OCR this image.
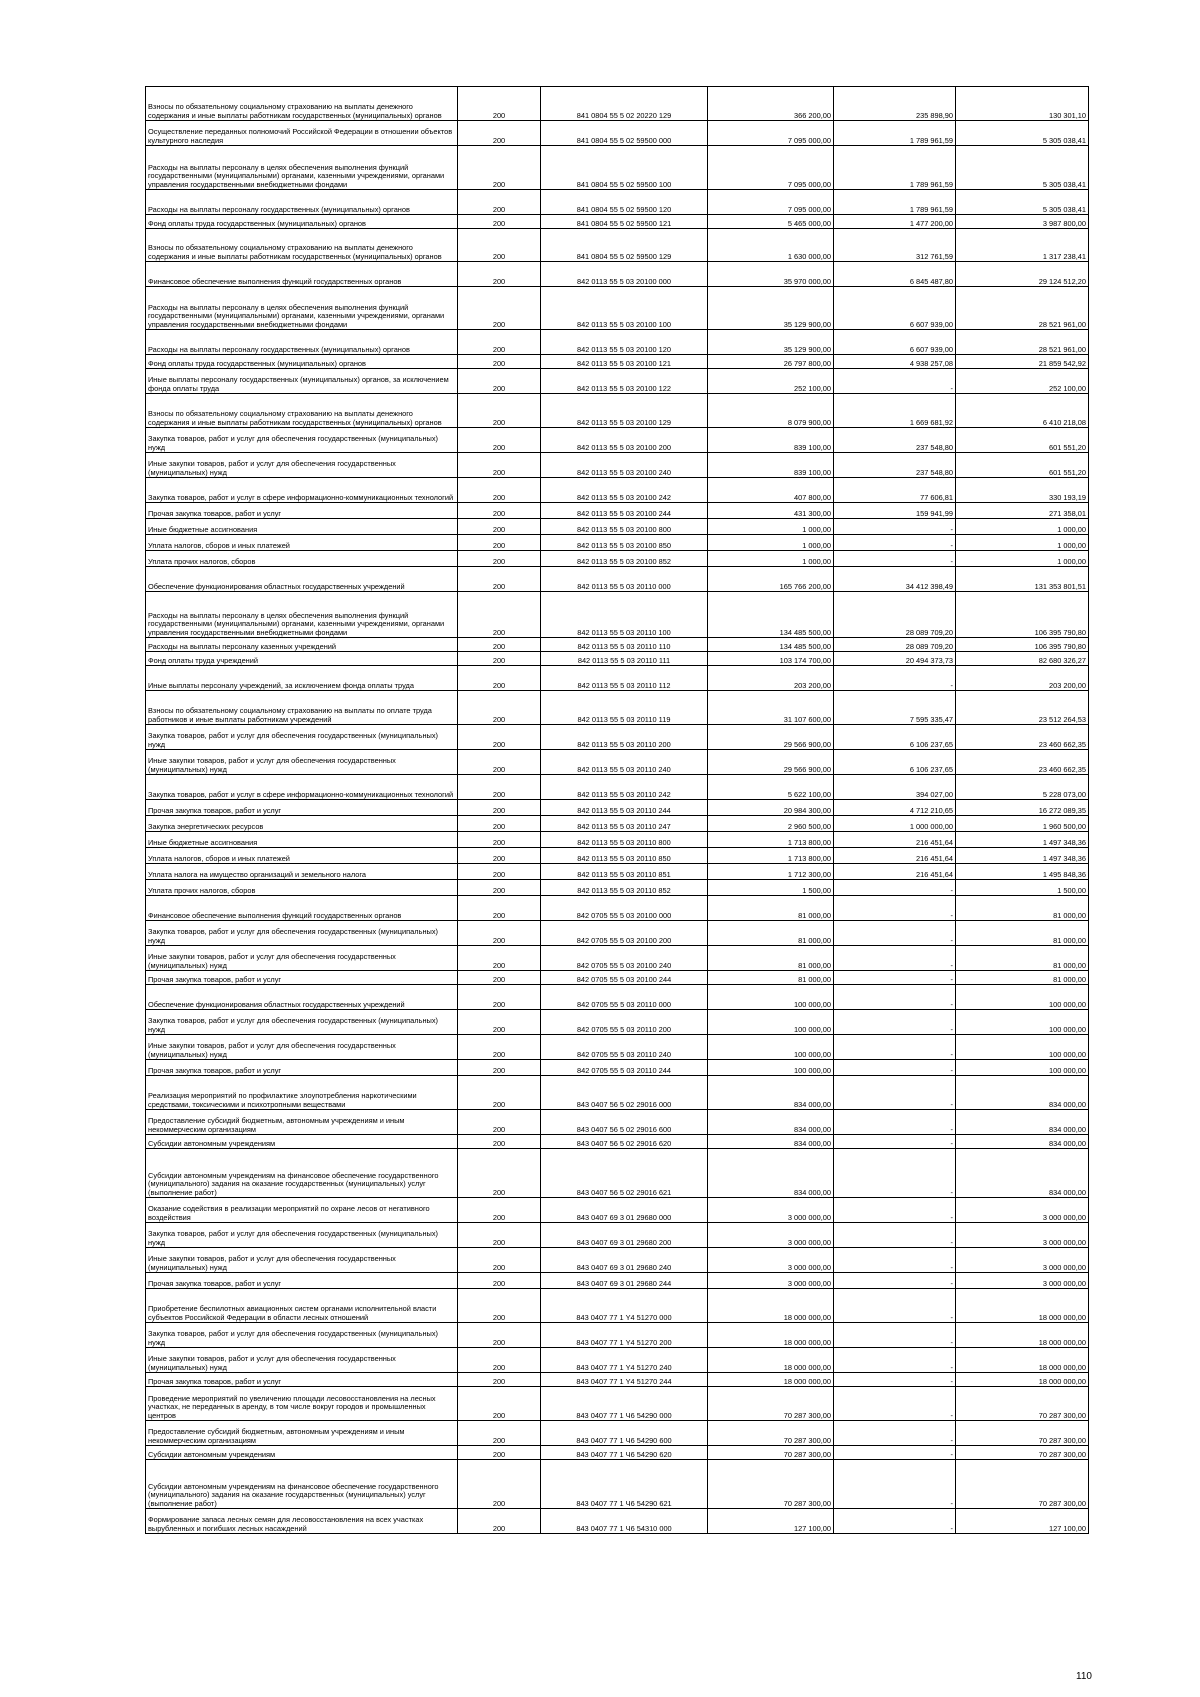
Взносы по обязательному социальному страхованию на выплаты денежного содержания и иные выплаты работникам государственных (муниципальных) органов	200	841 0804 55 5 02 20220 129	366 200,00	235 898,90	130 301,10
Осуществление переданных полномочий Российской Федерации в отношении объектов культурного наследия	200	841 0804 55 5 02 59500 000	7 095 000,00	1 789 961,59	5 305 038,41
Расходы на выплаты персоналу в целях обеспечения выполнения функций государственными (муниципальными) органами, казенными учреждениями, органами управления государственными внебюджетными фондами	200	841 0804 55 5 02 59500 100	7 095 000,00	1 789 961,59	5 305 038,41
Расходы на выплаты персоналу государственных (муниципальных) органов	200	841 0804 55 5 02 59500 120	7 095 000,00	1 789 961,59	5 305 038,41
Фонд оплаты труда государственных (муниципальных) органов	200	841 0804 55 5 02 59500 121	5 465 000,00	1 477 200,00	3 987 800,00
Взносы по обязательному социальному страхованию на выплаты денежного содержания и иные выплаты работникам государственных (муниципальных) органов	200	841 0804 55 5 02 59500 129	1 630 000,00	312 761,59	1 317 238,41
Финансовое обеспечение выполнения функций государственных органов	200	842 0113 55 5 03 20100 000	35 970 000,00	6 845 487,80	29 124 512,20
Расходы на выплаты персоналу в целях обеспечения выполнения функций государственными (муниципальными) органами, казенными учреждениями, органами управления государственными внебюджетными фондами	200	842 0113 55 5 03 20100 100	35 129 900,00	6 607 939,00	28 521 961,00
Расходы на выплаты персоналу государственных (муниципальных) органов	200	842 0113 55 5 03 20100 120	35 129 900,00	6 607 939,00	28 521 961,00
Фонд оплаты труда государственных (муниципальных) органов	200	842 0113 55 5 03 20100 121	26 797 800,00	4 938 257,08	21 859 542,92
Иные выплаты персоналу государственных (муниципальных) органов, за исключением фонда оплаты труда	200	842 0113 55 5 03 20100 122	252 100,00	-	252 100,00
Взносы по обязательному социальному страхованию на выплаты денежного содержания и иные выплаты работникам государственных (муниципальных) органов	200	842 0113 55 5 03 20100 129	8 079 900,00	1 669 681,92	6 410 218,08
Закупка товаров, работ и услуг для обеспечения государственных (муниципальных) нужд	200	842 0113 55 5 03 20100 200	839 100,00	237 548,80	601 551,20
Иные закупки товаров, работ и услуг для обеспечения государственных (муниципальных) нужд	200	842 0113 55 5 03 20100 240	839 100,00	237 548,80	601 551,20
Закупка товаров, работ и услуг в сфере информационно-коммуникационных технологий	200	842 0113 55 5 03 20100 242	407 800,00	77 606,81	330 193,19
Прочая закупка товаров, работ и услуг	200	842 0113 55 5 03 20100 244	431 300,00	159 941,99	271 358,01
Иные бюджетные ассигнования	200	842 0113 55 5 03 20100 800	1 000,00	-	1 000,00
Уплата налогов, сборов и иных платежей	200	842 0113 55 5 03 20100 850	1 000,00	-	1 000,00
Уплата прочих налогов, сборов	200	842 0113 55 5 03 20100 852	1 000,00	-	1 000,00
Обеспечение функционирования областных государственных учреждений	200	842 0113 55 5 03 20110 000	165 766 200,00	34 412 398,49	131 353 801,51
Расходы на выплаты персоналу в целях обеспечения выполнения функций государственными (муниципальными) органами, казенными учреждениями, органами управления государственными внебюджетными фондами	200	842 0113 55 5 03 20110 100	134 485 500,00	28 089 709,20	106 395 790,80
Расходы на выплаты персоналу казенных учреждений	200	842 0113 55 5 03 20110 110	134 485 500,00	28 089 709,20	106 395 790,80
Фонд оплаты труда учреждений	200	842 0113 55 5 03 20110 111	103 174 700,00	20 494 373,73	82 680 326,27
Иные выплаты персоналу учреждений, за исключением фонда оплаты труда	200	842 0113 55 5 03 20110 112	203 200,00	-	203 200,00
Взносы по обязательному социальному страхованию на выплаты по оплате труда работников и иные выплаты работникам учреждений	200	842 0113 55 5 03 20110 119	31 107 600,00	7 595 335,47	23 512 264,53
Закупка товаров, работ и услуг для обеспечения государственных (муниципальных) нужд	200	842 0113 55 5 03 20110 200	29 566 900,00	6 106 237,65	23 460 662,35
Иные закупки товаров, работ и услуг для обеспечения государственных (муниципальных) нужд	200	842 0113 55 5 03 20110 240	29 566 900,00	6 106 237,65	23 460 662,35
Закупка товаров, работ и услуг в сфере информационно-коммуникационных технологий	200	842 0113 55 5 03 20110 242	5 622 100,00	394 027,00	5 228 073,00
Прочая закупка товаров, работ и услуг	200	842 0113 55 5 03 20110 244	20 984 300,00	4 712 210,65	16 272 089,35
Закупка энергетических ресурсов	200	842 0113 55 5 03 20110 247	2 960 500,00	1 000 000,00	1 960 500,00
Иные бюджетные ассигнования	200	842 0113 55 5 03 20110 800	1 713 800,00	216 451,64	1 497 348,36
Уплата налогов, сборов и иных платежей	200	842 0113 55 5 03 20110 850	1 713 800,00	216 451,64	1 497 348,36
Уплата налога на имущество организаций и земельного налога	200	842 0113 55 5 03 20110 851	1 712 300,00	216 451,64	1 495 848,36
Уплата прочих налогов, сборов	200	842 0113 55 5 03 20110 852	1 500,00	-	1 500,00
Финансовое обеспечение выполнения функций государственных органов	200	842 0705 55 5 03 20100 000	81 000,00	-	81 000,00
Закупка товаров, работ и услуг для обеспечения государственных (муниципальных) нужд	200	842 0705 55 5 03 20100 200	81 000,00	-	81 000,00
Иные закупки товаров, работ и услуг для обеспечения государственных (муниципальных) нужд	200	842 0705 55 5 03 20100 240	81 000,00	-	81 000,00
Прочая закупка товаров, работ и услуг	200	842 0705 55 5 03 20100 244	81 000,00	-	81 000,00
Обеспечение функционирования областных государственных учреждений	200	842 0705 55 5 03 20110 000	100 000,00	-	100 000,00
Закупка товаров, работ и услуг для обеспечения государственных (муниципальных) нужд	200	842 0705 55 5 03 20110 200	100 000,00	-	100 000,00
Иные закупки товаров, работ и услуг для обеспечения государственных (муниципальных) нужд	200	842 0705 55 5 03 20110 240	100 000,00	-	100 000,00
Прочая закупка товаров, работ и услуг	200	842 0705 55 5 03 20110 244	100 000,00	-	100 000,00
Реализация мероприятий по профилактике злоупотребления наркотическими средствами, токсическими и психотропными веществами	200	843 0407 56 5 02 29016 000	834 000,00	-	834 000,00
Предоставление субсидий бюджетным, автономным учреждениям и иным некоммерческим организациям	200	843 0407 56 5 02 29016 600	834 000,00	-	834 000,00
Субсидии автономным учреждениям	200	843 0407 56 5 02 29016 620	834 000,00	-	834 000,00
Субсидии автономным учреждениям на финансовое обеспечение государственного (муниципального) задания на оказание государственных (муниципальных) услуг (выполнение работ)	200	843 0407 56 5 02 29016 621	834 000,00	-	834 000,00
Оказание содействия в реализации мероприятий по охране лесов от негативного воздействия	200	843 0407 69 3 01 29680 000	3 000 000,00	-	3 000 000,00
Закупка товаров, работ и услуг для обеспечения государственных (муниципальных) нужд	200	843 0407 69 3 01 29680 200	3 000 000,00	-	3 000 000,00
Иные закупки товаров, работ и услуг для обеспечения государственных (муниципальных) нужд	200	843 0407 69 3 01 29680 240	3 000 000,00	-	3 000 000,00
Прочая закупка товаров, работ и услуг	200	843 0407 69 3 01 29680 244	3 000 000,00	-	3 000 000,00
Приобретение беспилотных авиационных систем органами исполнительной власти субъектов Российской Федерации в области лесных отношений	200	843 0407 77 1 Y4 51270 000	18 000 000,00	-	18 000 000,00
Закупка товаров, работ и услуг для обеспечения государственных (муниципальных) нужд	200	843 0407 77 1 Y4 51270 200	18 000 000,00	-	18 000 000,00
Иные закупки товаров, работ и услуг для обеспечения государственных (муниципальных) нужд	200	843 0407 77 1 Y4 51270 240	18 000 000,00	-	18 000 000,00
Прочая закупка товаров, работ и услуг	200	843 0407 77 1 Y4 51270 244	18 000 000,00	-	18 000 000,00
Проведение мероприятий по увеличению площади лесовосстановления на лесных участках, не переданных в аренду, в том числе вокруг городов и промышленных центров	200	843 0407 77 1 Ч6 54290 000	70 287 300,00	-	70 287 300,00
Предоставление субсидий бюджетным, автономным учреждениям и иным некоммерческим организациям	200	843 0407 77 1 Ч6 54290 600	70 287 300,00	-	70 287 300,00
Субсидии автономным учреждениям	200	843 0407 77 1 Ч6 54290 620	70 287 300,00	-	70 287 300,00
Субсидии автономным учреждениям на финансовое обеспечение государственного (муниципального) задания на оказание государственных (муниципальных) услуг (выполнение работ)	200	843 0407 77 1 Ч6 54290 621	70 287 300,00	-	70 287 300,00
Формирование запаса лесных семян для лесовосстановления на всех участках вырубленных и погибших лесных насаждений	200	843 0407 77 1 Ч6 54310 000	127 100,00	-	127 100,00
110
